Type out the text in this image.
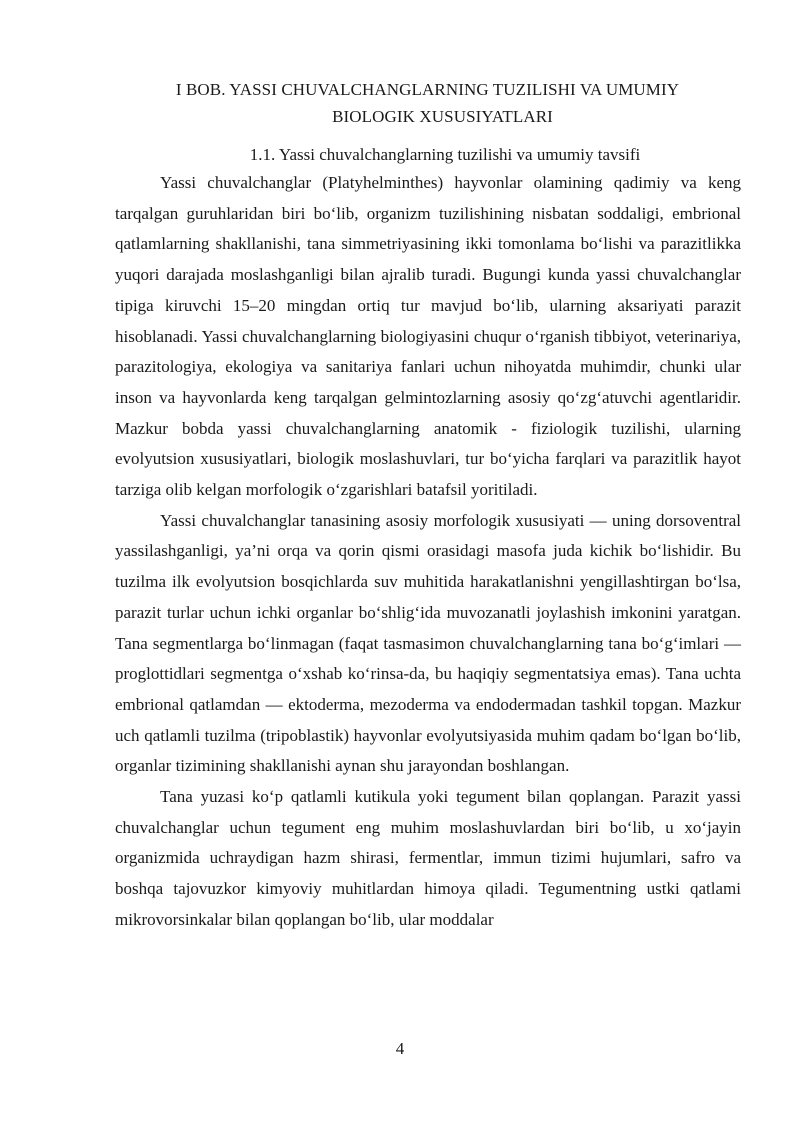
I BOB. YASSI CHUVALCHANGLARNING TUZILISHI VA UMUMIY
BIOLOGIK XUSUSIYATLARI
1.1. Yassi chuvalchanglarning tuzilishi va umumiy tavsifi

Yassi chuvalchanglar (Platyhelminthes) hayvonlar olamining qadimiy va keng tarqalgan guruhlaridan biri bo‘lib, organizm tuzilishining nisbatan soddaligi, embrional qatlamlarning shakllanishi, tana simmetriyasining ikki tomonlama bo‘lishi va parazitlikka yuqori darajada moslashganligi bilan ajralib turadi. Bugungi kunda yassi chuvalchanglar tipiga kiruvchi 15–20 mingdan ortiq tur mavjud bo‘lib, ularning aksariyati parazit hisoblanadi. Yassi chuvalchanglarning biologiyasini chuqur o‘rganish tibbiyot, veterinariya, parazitologiya, ekologiya va sanitariya fanlari uchun nihoyatda muhimdir, chunki ular inson va hayvonlarda keng tarqalgan gelmintozlarning asosiy qo‘zg‘atuvchi agentlaridir. Mazkur bobda yassi chuvalchanglarning anatomik - fiziologik tuzilishi, ularning evolyutsion xususiyatlari, biologik moslashuvlari, tur bo‘yicha farqlari va parazitlik hayot tarziga olib kelgan morfologik o‘zgarishlari batafsil yoritiladi.

Yassi chuvalchanglar tanasining asosiy morfologik xususiyati — uning dorsoventral yassilashganligi, ya’ni orqa va qorin qismi orasidagi masofa juda kichik bo‘lishidir. Bu tuzilma ilk evolyutsion bosqichlarda suv muhitida harakatlanishni yengillashtirgan bo‘lsa, parazit turlar uchun ichki organlar bo‘shlig‘ida muvozanatli joylashish imkonini yaratgan. Tana segmentlarga bo‘linmagan (faqat tasmasimon chuvalchanglarning tana bo‘g‘imlari — proglottidlari segmentga o‘xshab ko‘rinsa-da, bu haqiqiy segmentatsiya emas). Tana uchta embrional qatlamdan — ektoderma, mezoderma va endodermadan tashkil topgan. Mazkur uch qatlamli tuzilma (tripoblastik) hayvonlar evolyutsiyasida muhim qadam bo‘lgan bo‘lib, organlar tizimining shakllanishi aynan shu jarayondan boshlangan.

Tana yuzasi ko‘p qatlamli kutikula yoki tegument bilan qoplangan. Parazit yassi chuvalchanglar uchun tegument eng muhim moslashuvlardan biri bo‘lib, u xo‘jayin organizmida uchraydigan hazm shirasi, fermentlar, immun tizimi hujumlari, safro va boshqa tajovuzkor kimyoviy muhitlardan himoya qiladi. Tegumentning ustki qatlami mikrovorsinkalar bilan qoplangan bo‘lib, ular moddalar

4
